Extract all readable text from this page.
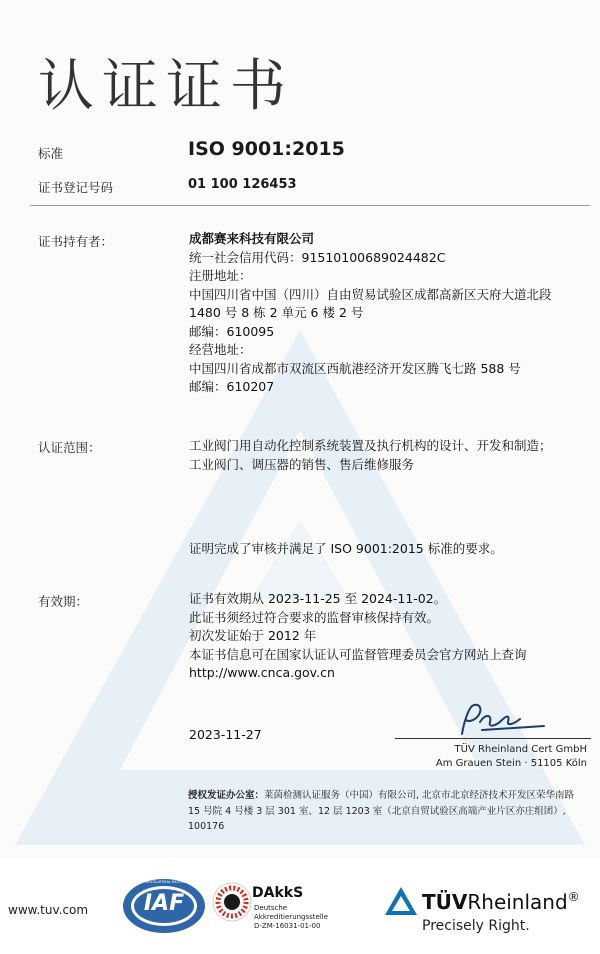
认证证书
标准	ISO 9001:2015
证书登记号码	01 100 126453
证书持有者：	成都赛来科技有限公司
统一社会信用代码：91510100689024482C
注册地址：
中国四川省中国（四川）自由贸易试验区成都高新区天府大道北段
1480 号 8 栋 2 单元 6 楼 2 号
邮编：610095
经营地址：
中国四川省成都市双流区西航港经济开发区腾飞七路 588 号
邮编：610207
认证范围：	工业阀门用自动化控制系统装置及执行机构的设计、开发和制造；
工业阀门、调压器的销售、售后维修服务
证明完成了审核并满足了 ISO 9001:2015 标准的要求。
有效期：	证书有效期从 2023-11-25 至 2024-11-02。
此证书须经过符合要求的监督审核保持有效。
初次发证始于 2012 年
本证书信息可在国家认证认可监督管理委员会官方网站上查询
http://www.cnca.gov.cn
2023-11-27
TÜV Rheinland Cert GmbH
Am Grauen Stein · 51105 Köln
授权发证办公室：莱茵检测认证服务（中国）有限公司, 北京市北京经济技术开发区荣华南路
15 号院 4 号楼 3 层 301 室、12 层 1203 室（北京自贸试验区高端产业片区亦庄组团）,
100176
www.tuv.com	IAF
MEMBER OF MULTILATERAL RECOGNITION ARRANGEMENT
DAkkS
Deutsche
Akkreditierungsstelle
D-ZM-16031-01-00
TÜVRheinland®
Precisely Right.
